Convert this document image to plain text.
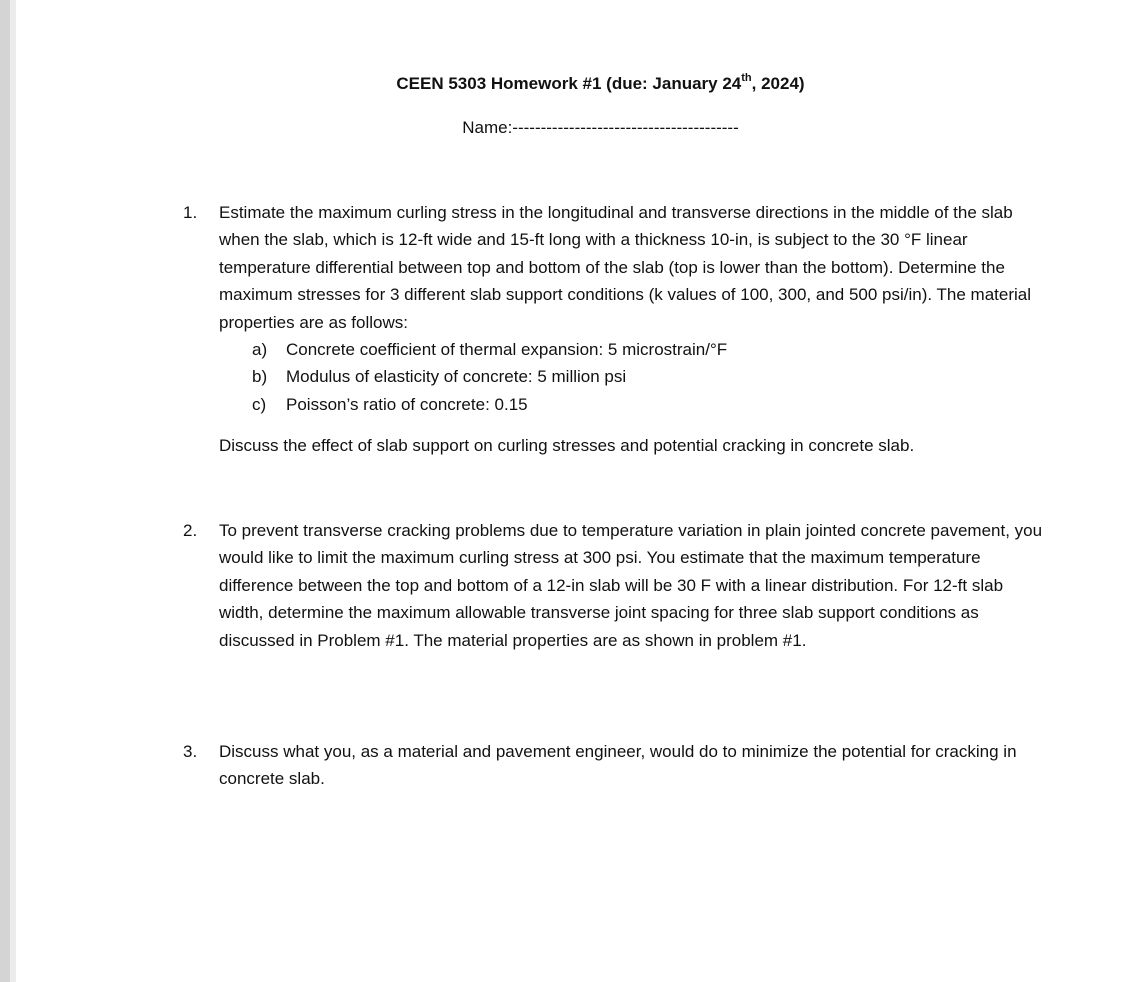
CEEN 5303 Homework #1 (due: January 24th, 2024)
Name:----------------------------------------
1.	Estimate the maximum curling stress in the longitudinal and transverse directions in the middle of the slab when the slab, which is 12-ft wide and 15-ft long with a thickness 10-in, is subject to the 30 °F linear temperature differential between top and bottom of the slab (top is lower than the bottom). Determine the maximum stresses for 3 different slab support conditions (k values of 100, 300, and 500 psi/in). The material properties are as follows:

a) Concrete coefficient of thermal expansion: 5 microstrain/°F
b) Modulus of elasticity of concrete: 5 million psi
c) Poisson’s ratio of concrete: 0.15

Discuss the effect of slab support on curling stresses and potential cracking in concrete slab.

2.	To prevent transverse cracking problems due to temperature variation in plain jointed concrete pavement, you would like to limit the maximum curling stress at 300 psi. You estimate that the maximum temperature difference between the top and bottom of a 12-in slab will be 30 F with a linear distribution. For 12-ft slab width, determine the maximum allowable transverse joint spacing for three slab support conditions as discussed in Problem #1. The material properties are as shown in problem #1.

3.	Discuss what you, as a material and pavement engineer, would do to minimize the potential for cracking in concrete slab.
